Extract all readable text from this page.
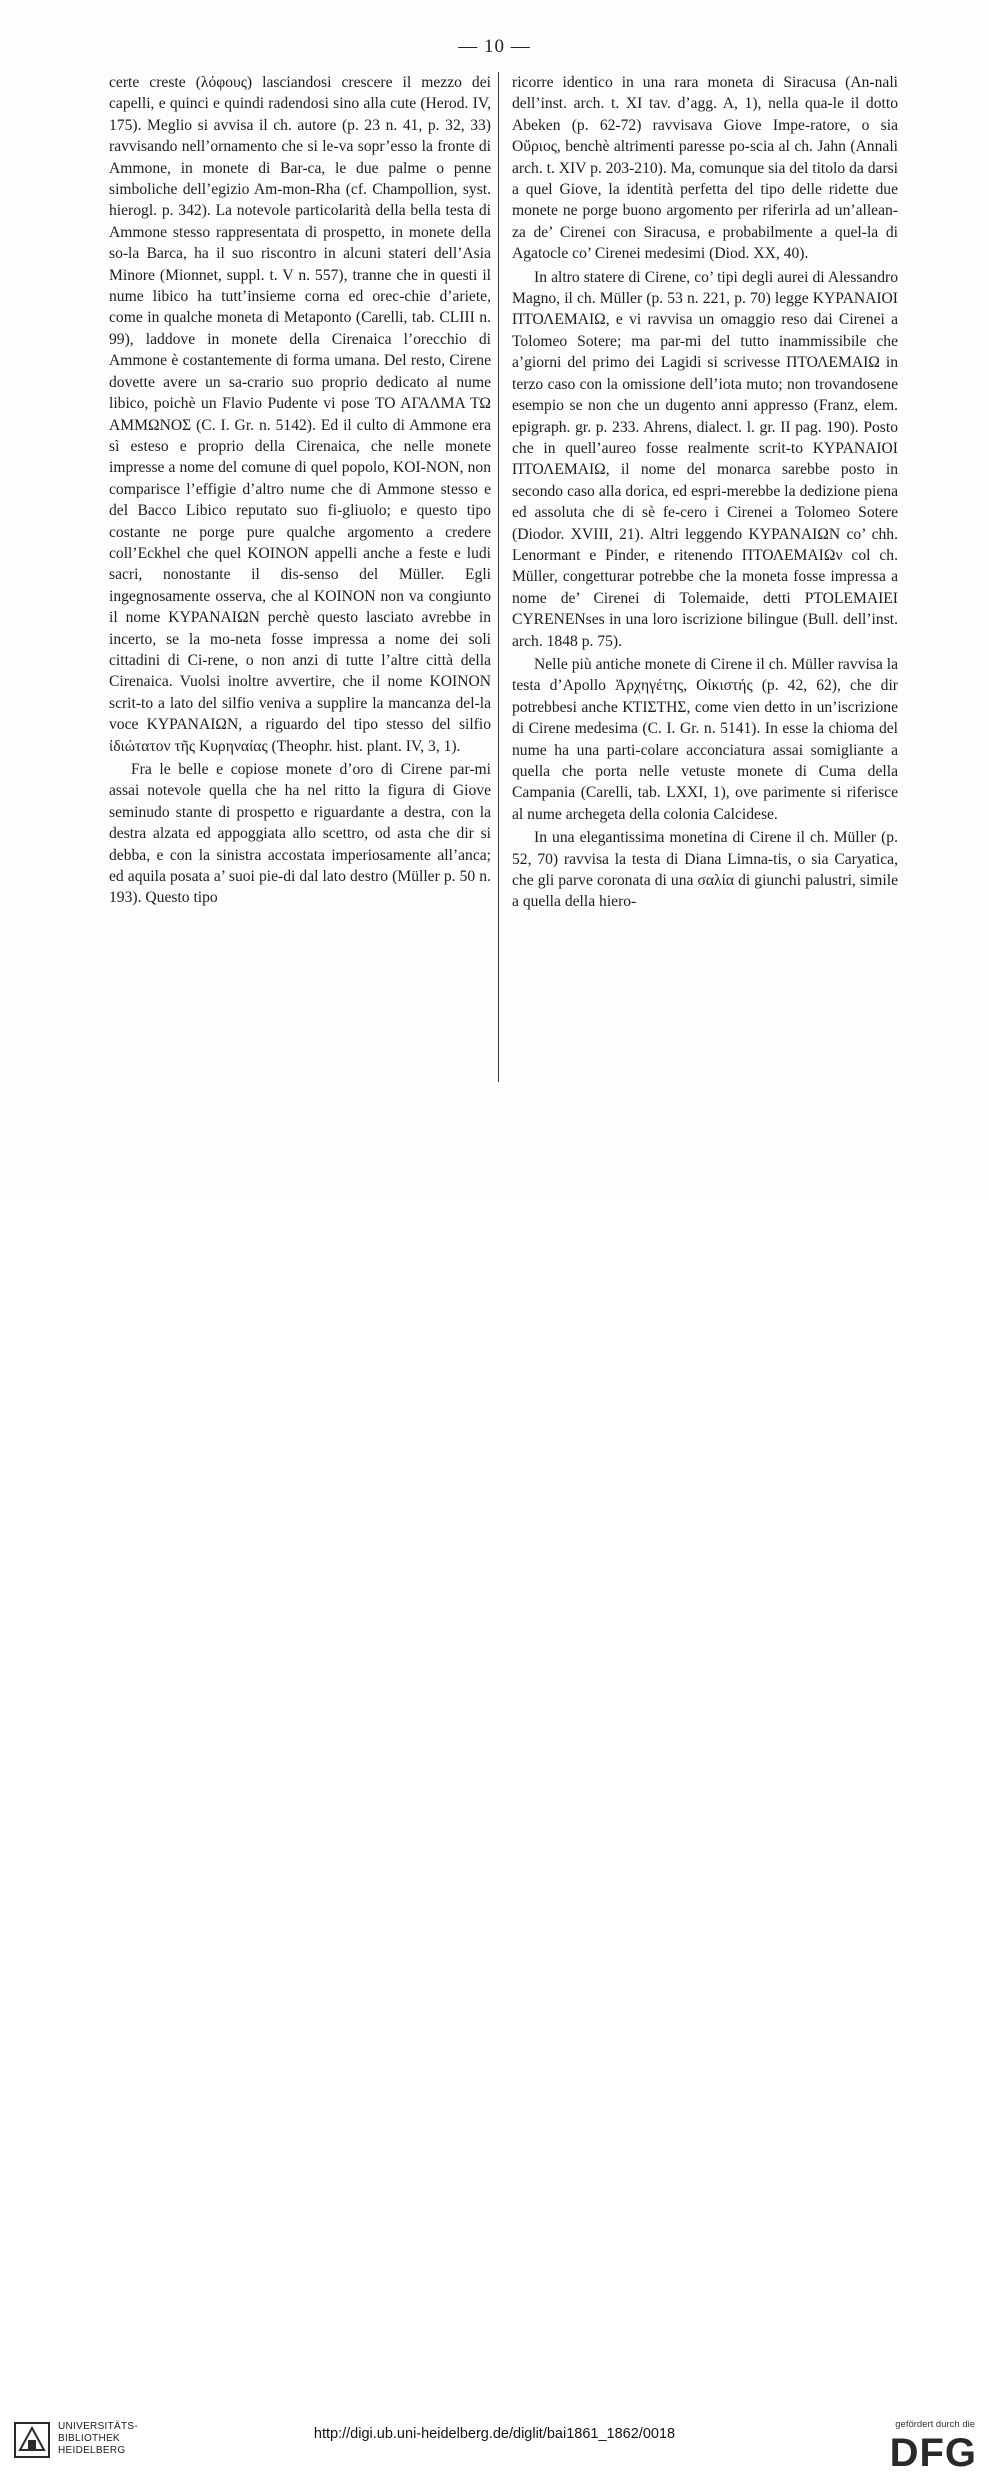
— 10 —

certe creste (λόφους) lasciandosi crescere il mezzo dei capelli, e quinci e quindi radendosi sino alla cute (Herod. IV, 175). Meglio si avvisa il ch. autore (p. 23 n. 41, p. 32, 33) ravvisando nell’ornamento che si le-va sopr’esso la fronte di Ammone, in monete di Bar-ca, le due palme o penne simboliche dell’egizio Am-mon-Rha (cf. Champollion, syst. hierogl. p. 342). La notevole particolarità della bella testa di Ammone stesso rappresentata di prospetto, in monete della so-la Barca, ha il suo riscontro in alcuni stateri dell’Asia Minore (Mionnet, suppl. t. V n. 557), tranne che in questi il nume libico ha tutt’insieme corna ed orec-chie d’ariete, come in qualche moneta di Metaponto (Carelli, tab. CLIII n. 99), laddove in monete della Cirenaica l’orecchio di Ammone è costantemente di forma umana. Del resto, Cirene dovette avere un sa-crario suo proprio dedicato al nume libico, poichè un Flavio Pudente vi pose ΤΟ ΑΓΑΛΜΑ ΤΩ ΑΜΜΩΝΟΣ (C. I. Gr. n. 5142). Ed il culto di Ammone era sì esteso e proprio della Cirenaica, che nelle monete impresse a nome del comune di quel popolo, KOI-NON, non comparisce l’effigie d’altro nume che di Ammone stesso e del Bacco Libico reputato suo fi-gliuolo; e questo tipo costante ne porge pure qualche argomento a credere coll’Eckhel che quel KOINON appelli anche a feste e ludi sacri, nonostante il dis-senso del Müller. Egli ingegnosamente osserva, che al KOINON non va congiunto il nome ΚΥΡΑΝΑΙΩΝ perchè questo lasciato avrebbe in incerto, se la mo-neta fosse impressa a nome dei soli cittadini di Ci-rene, o non anzi di tutte l’altre città della Cirenaica. Vuolsi inoltre avvertire, che il nome KOINON scrit-to a lato del silfio veniva a supplire la mancanza del-la voce ΚΥΡΑΝΑΙΩΝ, a riguardo del tipo stesso del silfio ἰδιώτατον τῆς Κυρηναίας (Theophr. hist. plant. IV, 3, 1).

Fra le belle e copiose monete d’oro di Cirene par-mi assai notevole quella che ha nel ritto la figura di Giove seminudo stante di prospetto e riguardante a destra, con la destra alzata ed appoggiata allo scettro, od asta che dir si debba, e con la sinistra accostata imperiosamente all’anca; ed aquila posata a’ suoi pie-di dal lato destro (Müller p. 50 n. 193). Questo tipo

ricorre identico in una rara moneta di Siracusa (An-nali dell’inst. arch. t. XI tav. d’agg. A, 1), nella qua-le il dotto Abeken (p. 62-72) ravvisava Giove Impe-ratore, o sia Οὔριος, benchè altrimenti paresse po-scia al ch. Jahn (Annali arch. t. XIV p. 203-210). Ma, comunque sia del titolo da darsi a quel Giove, la identità perfetta del tipo delle ridette due monete ne porge buono argomento per riferirla ad un’allean-za de’ Cirenei con Siracusa, e probabilmente a quel-la di Agatocle co’ Cirenei medesimi (Diod. XX, 40).

In altro statere di Cirene, co’ tipi degli aurei di Alessandro Magno, il ch. Müller (p. 53 n. 221, p. 70) legge ΚΥΡΑΝΑΙΟΙ ΠΤΟΛΕΜΑΙΩ, e vi ravvisa un omaggio reso dai Cirenei a Tolomeo Sotere; ma par-mi del tutto inammissibile che a’giorni del primo dei Lagidi si scrivesse ΠΤΟΛΕΜΑΙΩ in terzo caso con la omissione dell’iota muto; non trovandosene esempio se non che un dugento anni appresso (Franz, elem. epigraph. gr. p. 233. Ahrens, dialect. l. gr. II pag. 190). Posto che in quell’aureo fosse realmente scrit-to ΚΥΡΑΝΑΙΟΙ ΠΤΟΛΕΜΑΙΩ, il nome del monarca sarebbe posto in secondo caso alla dorica, ed espri-merebbe la dedizione piena ed assoluta che di sè fe-cero i Cirenei a Tolomeo Sotere (Diodor. XVIII, 21). Altri leggendo ΚΥΡΑΝΑΙΩΝ co’ chh. Lenormant e Pinder, e ritenendo ΠΤΟΛΕΜΑΙΩν col ch. Müller, congetturar potrebbe che la moneta fosse impressa a nome de’ Cirenei di Tolemaide, detti PTOLEMAIEI CYRENENses in una loro iscrizione bilingue (Bull. dell’inst. arch. 1848 p. 75).

Nelle più antiche monete di Cirene il ch. Müller ravvisa la testa d’Apollo Ἀρχηγέτης, Οἰκιστής (p. 42, 62), che dir potrebbesi anche ΚΤΙΣΤΗΣ, come vien detto in un’iscrizione di Cirene medesima (C. I. Gr. n. 5141). In esse la chioma del nume ha una parti-colare acconciatura assai somigliante a quella che porta nelle vetuste monete di Cuma della Campania (Carelli, tab. LXXI, 1), ove parimente si riferisce al nume archegeta della colonia Calcidese.

In una elegantissima monetina di Cirene il ch. Müller (p. 52, 70) ravvisa la testa di Diana Limna-tis, o sia Caryatica, che gli parve coronata di una σαλία di giunchi palustri, simile a quella della hiero-

UNIVERSITÄTS-
BIBLIOTHEK
HEIDELBERG
http://digi.ub.uni-heidelberg.de/diglit/bai1861_1862/0018
gefördert durch die
DFG
